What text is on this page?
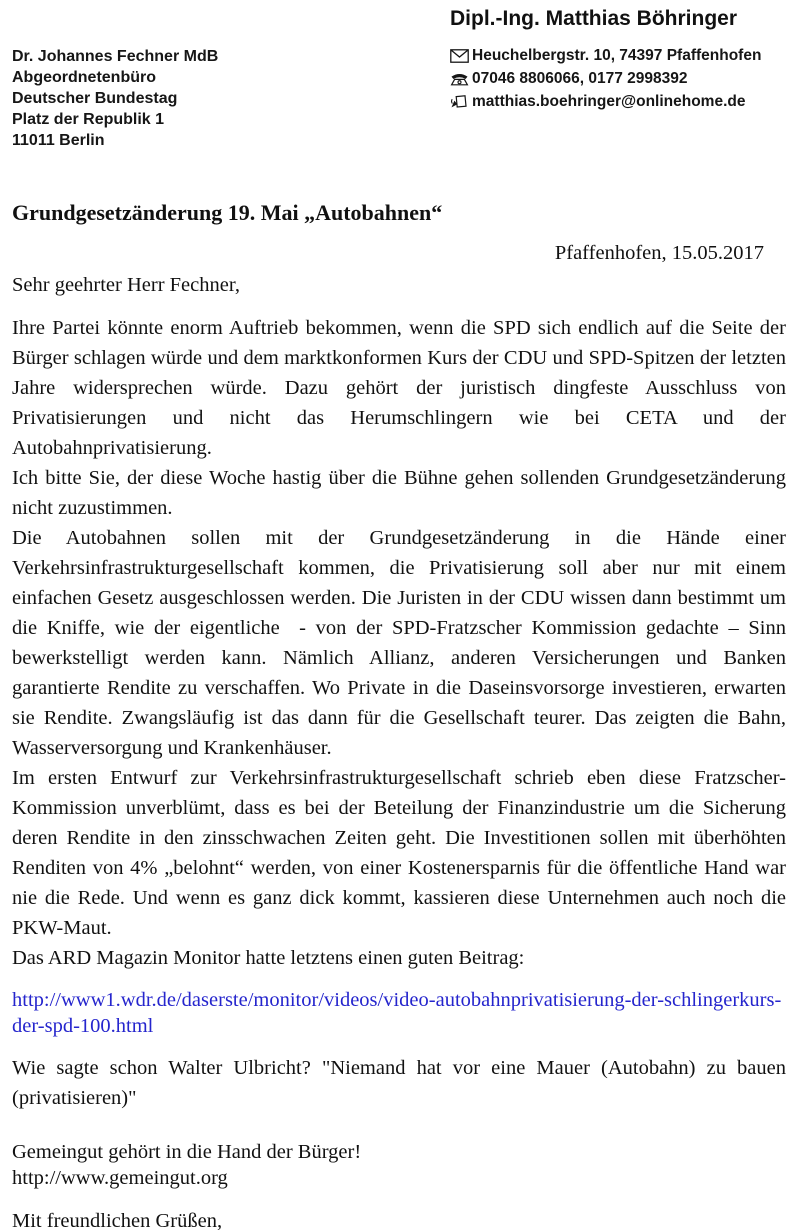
Dr. Johannes Fechner MdB
Abgeordnetenbüro
Deutscher Bundestag
Platz der Republik 1
11011 Berlin
Dipl.-Ing. Matthias Böhringer
Heuchelbergstr. 10, 74397 Pfaffenhofen
07046 8806066, 0177 2998392
matthias.boehringer@onlinehome.de
Grundgesetzänderung 19. Mai „Autobahnen“
Pfaffenhofen, 15.05.2017
Sehr geehrter Herr Fechner,

Ihre Partei könnte enorm Auftrieb bekommen, wenn die SPD sich endlich auf die Seite der Bürger schlagen würde und dem marktkonformen Kurs der CDU und SPD-Spitzen der letzten Jahre widersprechen würde. Dazu gehört der juristisch dingfeste Ausschluss von Privatisierungen und nicht das Herumschlingern wie bei CETA und der Autobahnprivatisierung.

Ich bitte Sie, der diese Woche hastig über die Bühne gehen sollenden Grundgesetzänderung nicht zuzustimmen.

Die Autobahnen sollen mit der Grundgesetzänderung in die Hände einer Verkehrsinfrastrukturgesellschaft kommen, die Privatisierung soll aber nur mit einem einfachen Gesetz ausgeschlossen werden. Die Juristen in der CDU wissen dann bestimmt um die Kniffe, wie der eigentliche  - von der SPD-Fratzscher Kommission gedachte – Sinn bewerkstelligt werden kann. Nämlich Allianz, anderen Versicherungen und Banken garantierte Rendite zu verschaffen. Wo Private in die Daseinsvorsorge investieren, erwarten sie Rendite. Zwangsläufig ist das dann für die Gesellschaft teurer. Das zeigten die Bahn, Wasserversorgung und Krankenhäuser.

Im ersten Entwurf zur Verkehrsinfrastrukturgesellschaft schrieb eben diese Fratzscher-Kommission unverblümt, dass es bei der Beteilung der Finanzindustrie um die Sicherung deren Rendite in den zinsschwachen Zeiten geht. Die Investitionen sollen mit überhöhten Renditen von 4% „belohnt“ werden, von einer Kostenersparnis für die öffentliche Hand war nie die Rede. Und wenn es ganz dick kommt, kassieren diese Unternehmen auch noch die PKW-Maut.

Das ARD Magazin Monitor hatte letztens einen guten Beitrag:

http://www1.wdr.de/daserste/monitor/videos/video-autobahnprivatisierung-der-schlingerkurs-der-spd-100.html

Wie sagte schon Walter Ulbricht? "Niemand hat vor eine Mauer (Autobahn) zu bauen (privatisieren)"

Gemeingut gehört in die Hand der Bürger!
http://www.gemeingut.org
Mit freundlichen Grüßen,
